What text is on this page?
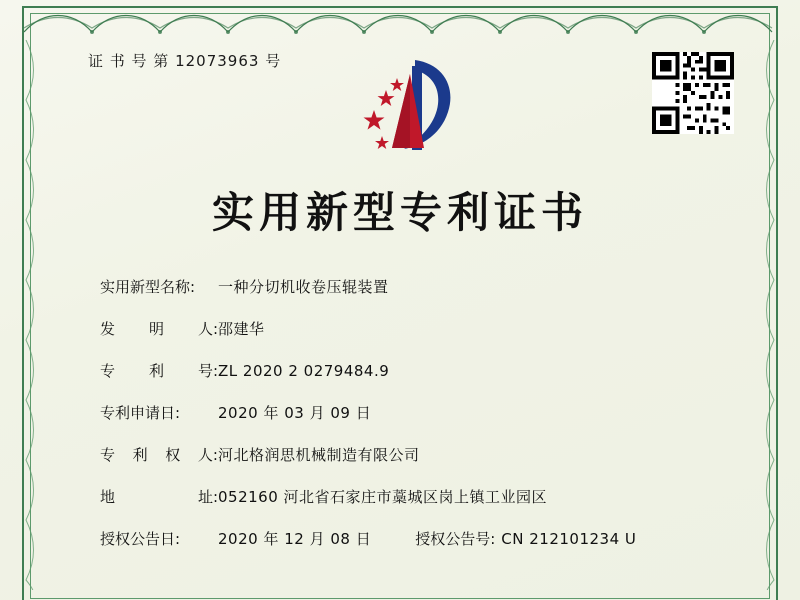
证 书 号 第 12073963 号
实用新型专利证书
实用新型名称:	一种分切机收卷压辊装置
发 明 人: 邵建华
专 利 号: ZL 2020 2 0279484.9
专利申请日:	2020 年 03 月 09 日
专 利 权 人: 河北格润思机械制造有限公司
地	址: 052160 河北省石家庄市藁城区岗上镇工业园区
授权公告日:	2020 年 12 月 08 日	授权公告号: CN 212101234 U
